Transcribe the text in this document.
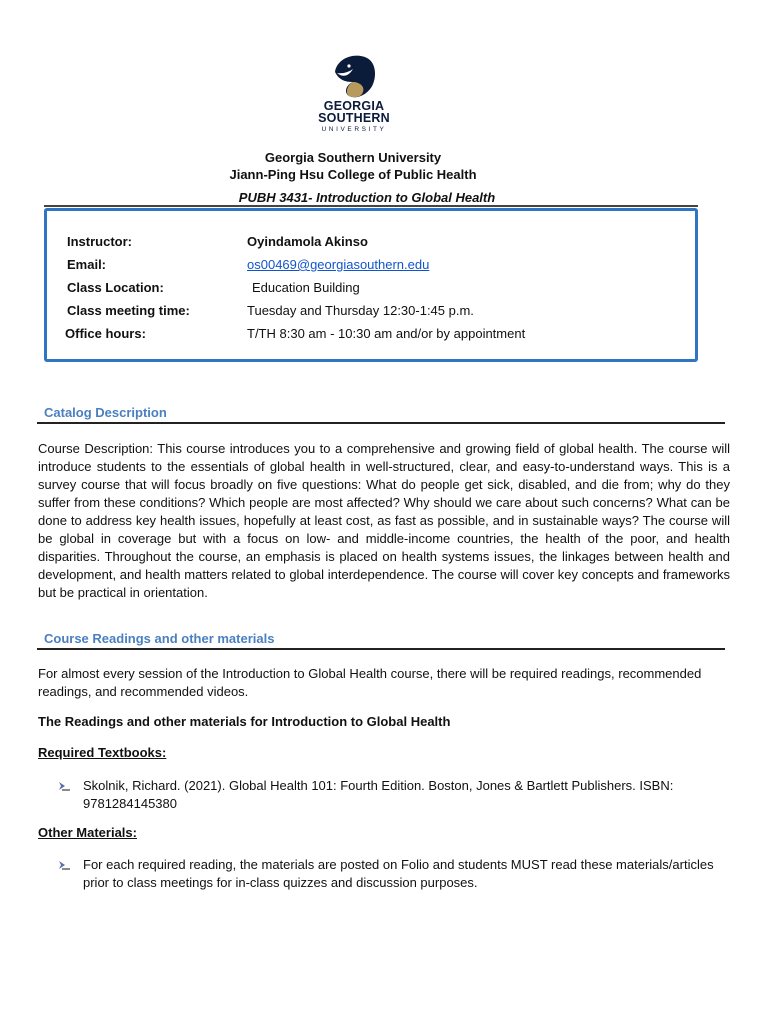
GEORGIA
SOUTHERN
UNIVERSITY
Georgia Southern University
Jiann-Ping Hsu College of Public Health
PUBH 3431- Introduction to Global Health
Instructor:	Oyindamola Akinso
Email:	os00469@georgiasouthern.edu
Class Location:	Education Building
Class meeting time:	Tuesday and Thursday 12:30-1:45 p.m.
Office hours:	T/TH 8:30 am - 10:30 am and/or by appointment
Catalog Description
Course Description: This course introduces you to a comprehensive and growing field of global health. The course will introduce students to the essentials of global health in well-structured, clear, and easy-to-understand ways. This is a survey course that will focus broadly on five questions: What do people get sick, disabled, and die from; why do they suffer from these conditions? Which people are most affected? Why should we care about such concerns? What can be done to address key health issues, hopefully at least cost, as fast as possible, and in sustainable ways? The course will be global in coverage but with a focus on low- and middle-income countries, the health of the poor, and health disparities. Throughout the course, an emphasis is placed on health systems issues, the linkages between health and development, and health matters related to global interdependence. The course will cover key concepts and frameworks but be practical in orientation.
Course Readings and other materials
For almost every session of the Introduction to Global Health course, there will be required readings, recommended readings, and recommended videos.
The Readings and other materials for Introduction to Global Health
Required Textbooks:
Skolnik, Richard. (2021). Global Health 101: Fourth Edition. Boston, Jones & Bartlett Publishers. ISBN: 9781284145380
Other Materials:
For each required reading, the materials are posted on Folio and students MUST read these materials/articles prior to class meetings for in-class quizzes and discussion purposes.
